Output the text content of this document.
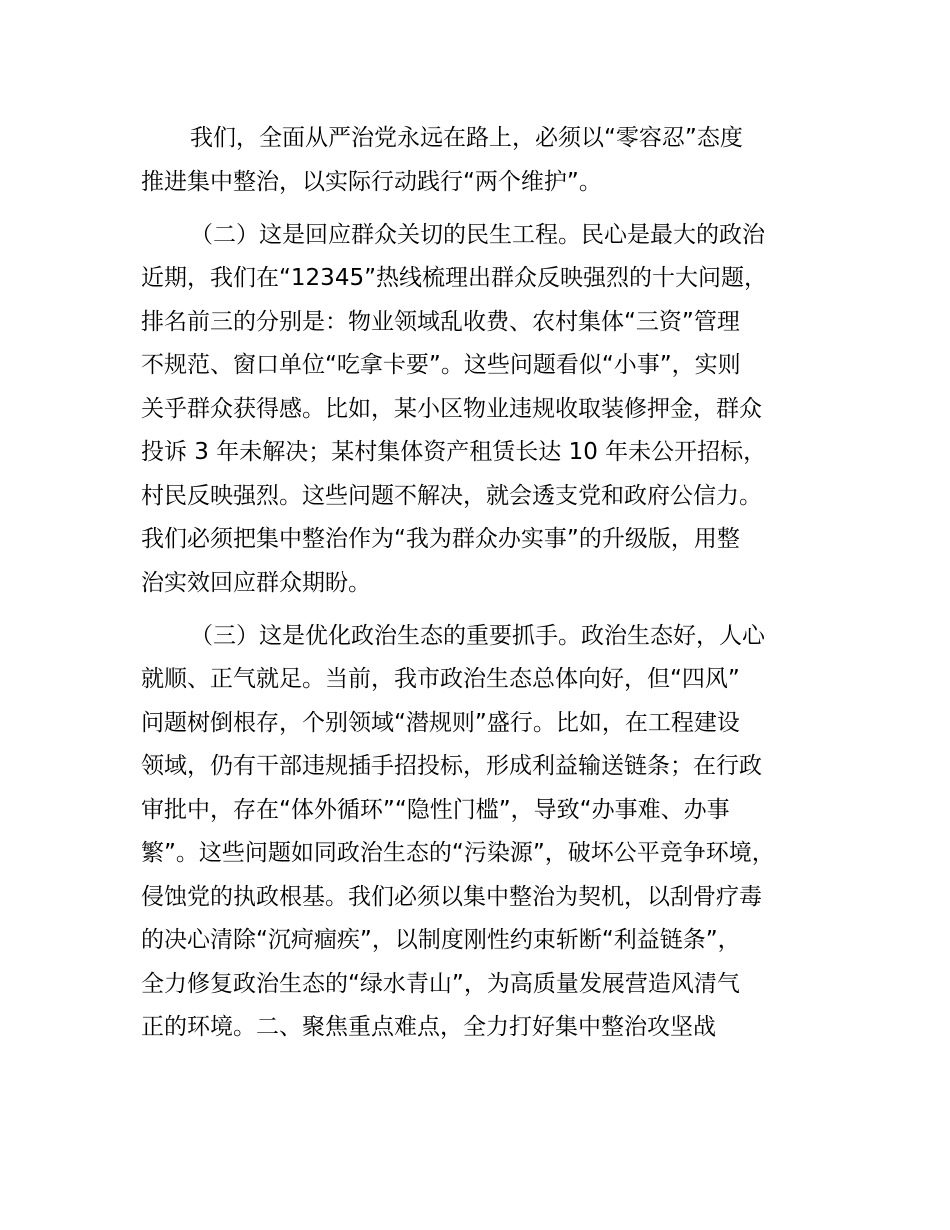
我们，全面从严治党永远在路上，必须以“零容忍”态度
推进集中整治，以实际行动践行“两个维护”。
（二）这是回应群众关切的民生工程。民心是最大的政治
近期，我们在“12345”热线梳理出群众反映强烈的十大问题，
排名前三的分别是：物业领域乱收费、农村集体“三资”管理
不规范、窗口单位“吃拿卡要”。这些问题看似“小事”，实则
关乎群众获得感。比如，某小区物业违规收取装修押金，群众
投诉 3 年未解决；某村集体资产租赁长达 10 年未公开招标，
村民反映强烈。这些问题不解决，就会透支党和政府公信力。
我们必须把集中整治作为“我为群众办实事”的升级版，用整
治实效回应群众期盼。
（三）这是优化政治生态的重要抓手。政治生态好，人心
就顺、正气就足。当前，我市政治生态总体向好，但“四风”
问题树倒根存，个别领域“潜规则”盛行。比如，在工程建设
领域，仍有干部违规插手招投标，形成利益输送链条；在行政
审批中，存在“体外循环”“隐性门槛”，导致“办事难、办事
繁”。这些问题如同政治生态的“污染源”，破坏公平竞争环境，
侵蚀党的执政根基。我们必须以集中整治为契机，以刮骨疗毒
的决心清除“沉疴痼疾”，以制度刚性约束斩断“利益链条”，
全力修复政治生态的“绿水青山”，为高质量发展营造风清气
正的环境。二、聚焦重点难点，全力打好集中整治攻坚战
